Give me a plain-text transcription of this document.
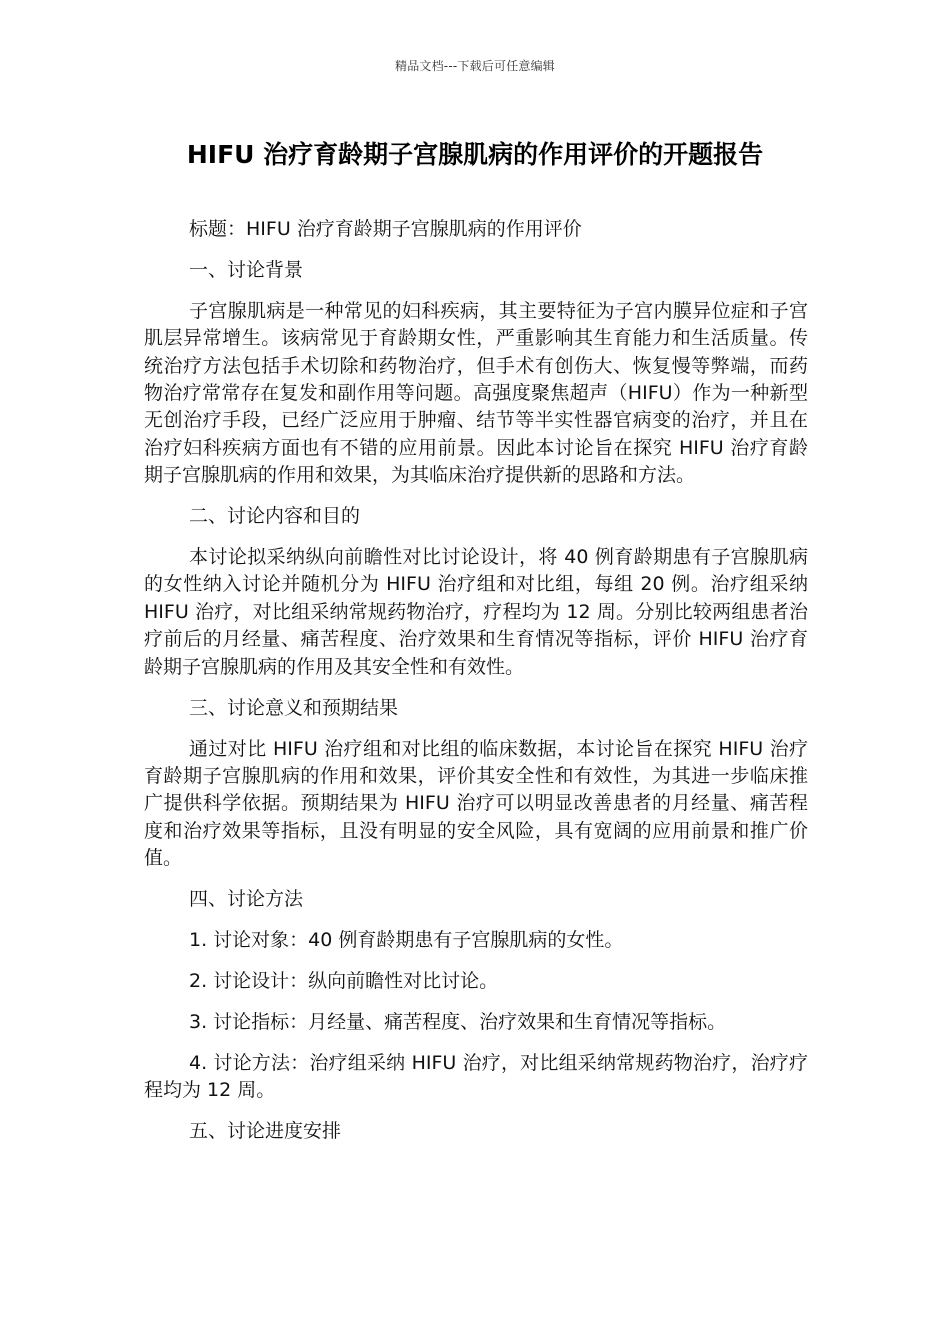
精品文档---下载后可任意编辑
HIFU 治疗育龄期子宫腺肌病的作用评价的开题报告

标题：HIFU 治疗育龄期子宫腺肌病的作用评价

一、讨论背景

子宫腺肌病是一种常见的妇科疾病，其主要特征为子宫内膜异位症和子宫肌层异常增生。该病常见于育龄期女性，严重影响其生育能力和生活质量。传统治疗方法包括手术切除和药物治疗，但手术有创伤大、恢复慢等弊端，而药物治疗常常存在复发和副作用等问题。高强度聚焦超声（HIFU）作为一种新型无创治疗手段，已经广泛应用于肿瘤、结节等半实性器官病变的治疗，并且在治疗妇科疾病方面也有不错的应用前景。因此本讨论旨在探究 HIFU 治疗育龄期子宫腺肌病的作用和效果，为其临床治疗提供新的思路和方法。

二、讨论内容和目的

本讨论拟采纳纵向前瞻性对比讨论设计，将 40 例育龄期患有子宫腺肌病的女性纳入讨论并随机分为 HIFU 治疗组和对比组，每组 20 例。治疗组采纳 HIFU 治疗，对比组采纳常规药物治疗，疗程均为 12 周。分别比较两组患者治疗前后的月经量、痛苦程度、治疗效果和生育情况等指标，评价 HIFU 治疗育龄期子宫腺肌病的作用及其安全性和有效性。

三、讨论意义和预期结果

通过对比 HIFU 治疗组和对比组的临床数据，本讨论旨在探究 HIFU 治疗育龄期子宫腺肌病的作用和效果，评价其安全性和有效性，为其进一步临床推广提供科学依据。预期结果为 HIFU 治疗可以明显改善患者的月经量、痛苦程度和治疗效果等指标，且没有明显的安全风险，具有宽阔的应用前景和推广价值。

四、讨论方法

1. 讨论对象：40 例育龄期患有子宫腺肌病的女性。

2. 讨论设计：纵向前瞻性对比讨论。

3. 讨论指标：月经量、痛苦程度、治疗效果和生育情况等指标。

4. 讨论方法：治疗组采纳 HIFU 治疗，对比组采纳常规药物治疗，治疗疗程均为 12 周。

五、讨论进度安排
